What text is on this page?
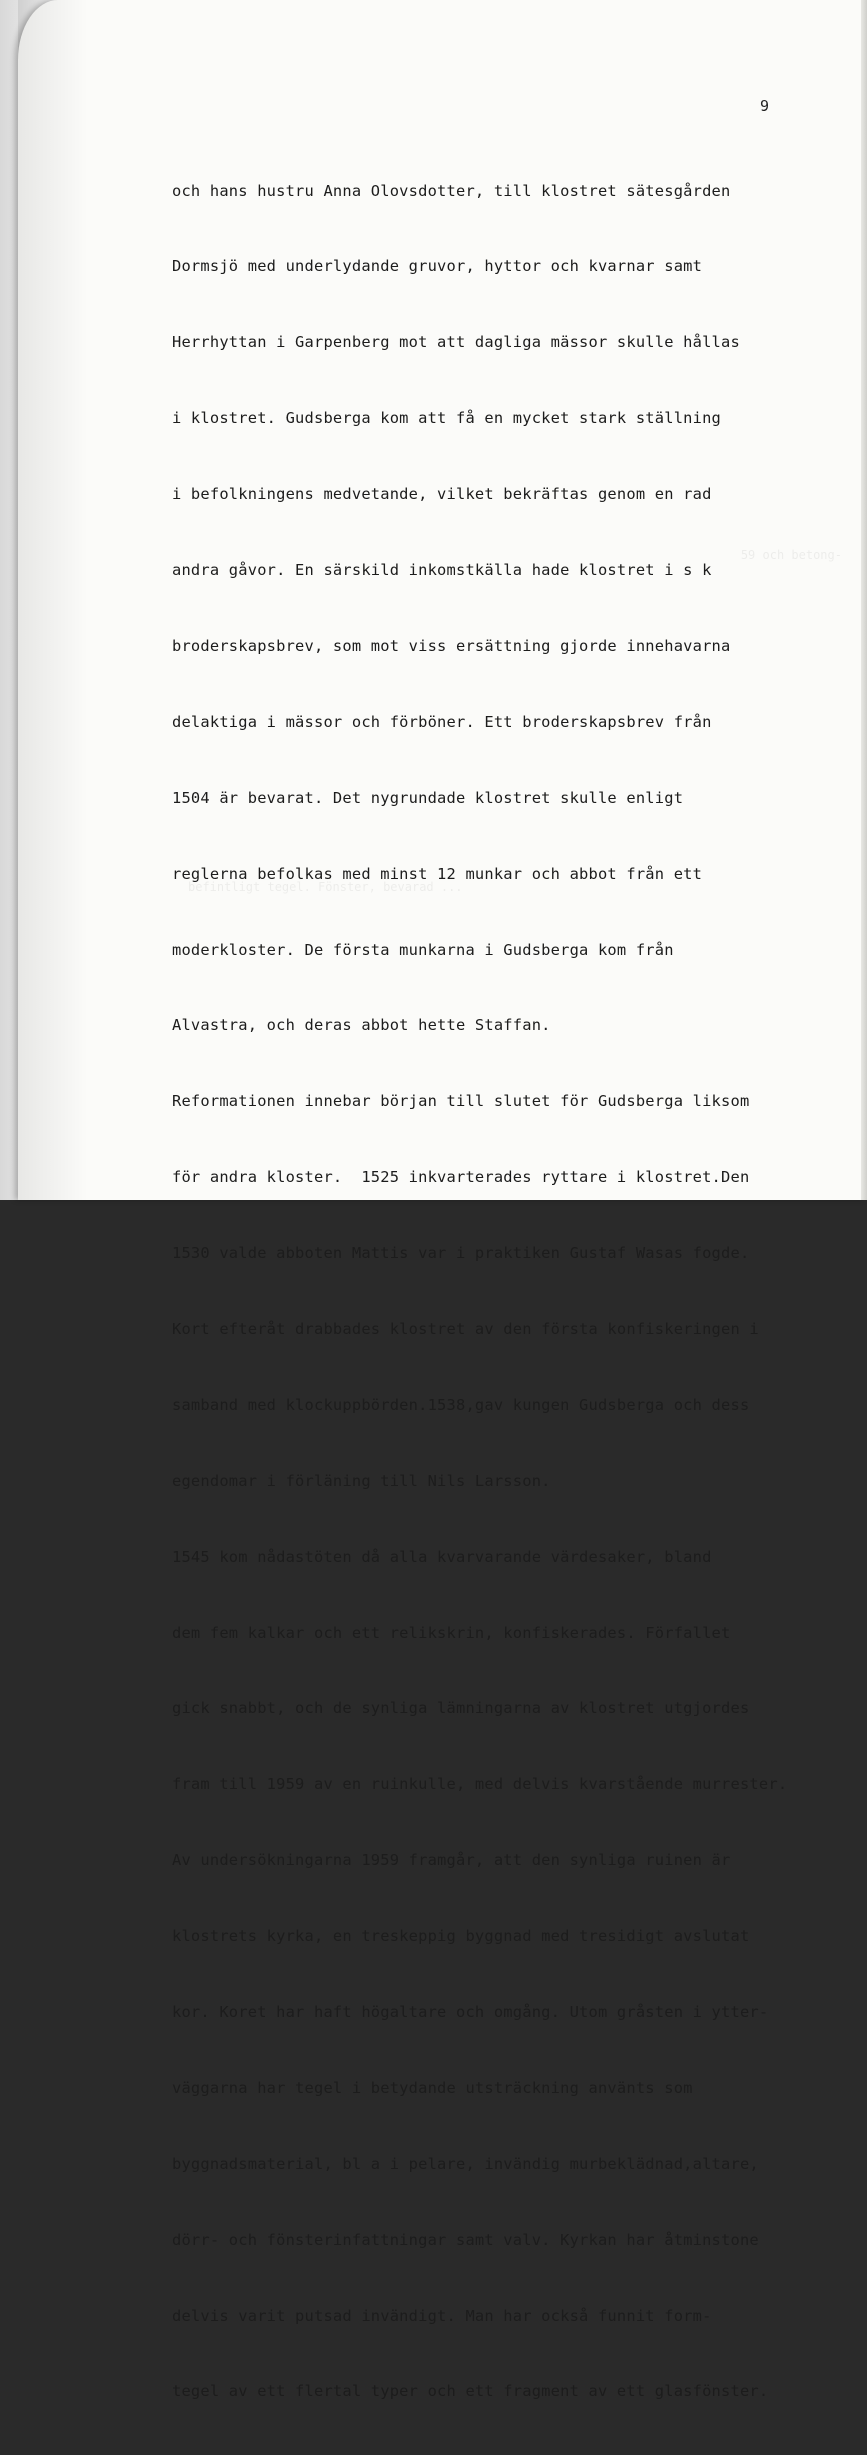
59 och betong-
befintligt tegel. Fönster, bevarad ...
9

och hans hustru Anna Olovsdotter, till klostret sätesgården

Dormsjö med underlydande gruvor, hyttor och kvarnar samt

Herrhyttan i Garpenberg mot att dagliga mässor skulle hållas

i klostret. Gudsberga kom att få en mycket stark ställning

i befolkningens medvetande, vilket bekräftas genom en rad

andra gåvor. En särskild inkomstkälla hade klostret i s k

broderskapsbrev, som mot viss ersättning gjorde innehavarna

delaktiga i mässor och förböner. Ett broderskapsbrev från

1504 är bevarat. Det nygrundade klostret skulle enligt

reglerna befolkas med minst 12 munkar och abbot från ett

moderkloster. De första munkarna i Gudsberga kom från

Alvastra, och deras abbot hette Staffan.

Reformationen innebar början till slutet för Gudsberga liksom

för andra kloster.  1525 inkvarterades ryttare i klostret.Den

1530 valde abboten Mattis var i praktiken Gustaf Wasas fogde.

Kort efteråt drabbades klostret av den första konfiskeringen i

samband med klockuppbörden.1538,gav kungen Gudsberga och dess

egendomar i förläning till Nils Larsson.

1545 kom nådastöten då alla kvarvarande värdesaker, bland

dem fem kalkar och ett relikskrin, konfiskerades. Förfallet

gick snabbt, och de synliga lämningarna av klostret utgjordes

fram till 1959 av en ruinkulle, med delvis kvarstående murrester.

Av undersökningarna 1959 framgår, att den synliga ruinen är

klostrets kyrka, en treskeppig byggnad med tresidigt avslutat

kor. Koret har haft högaltare och omgång. Utom gråsten i ytter-

väggarna har tegel i betydande utsträckning använts som

byggnadsmaterial, bl a i pelare, invändig murbeklädnad,altare,

dörr- och fönsterinfattningar samt valv. Kyrkan har åtminstone

delvis varit putsad invändigt. Man har också funnit form-

tegel av ett flertal typer och ett fragment av ett glasfönster.
